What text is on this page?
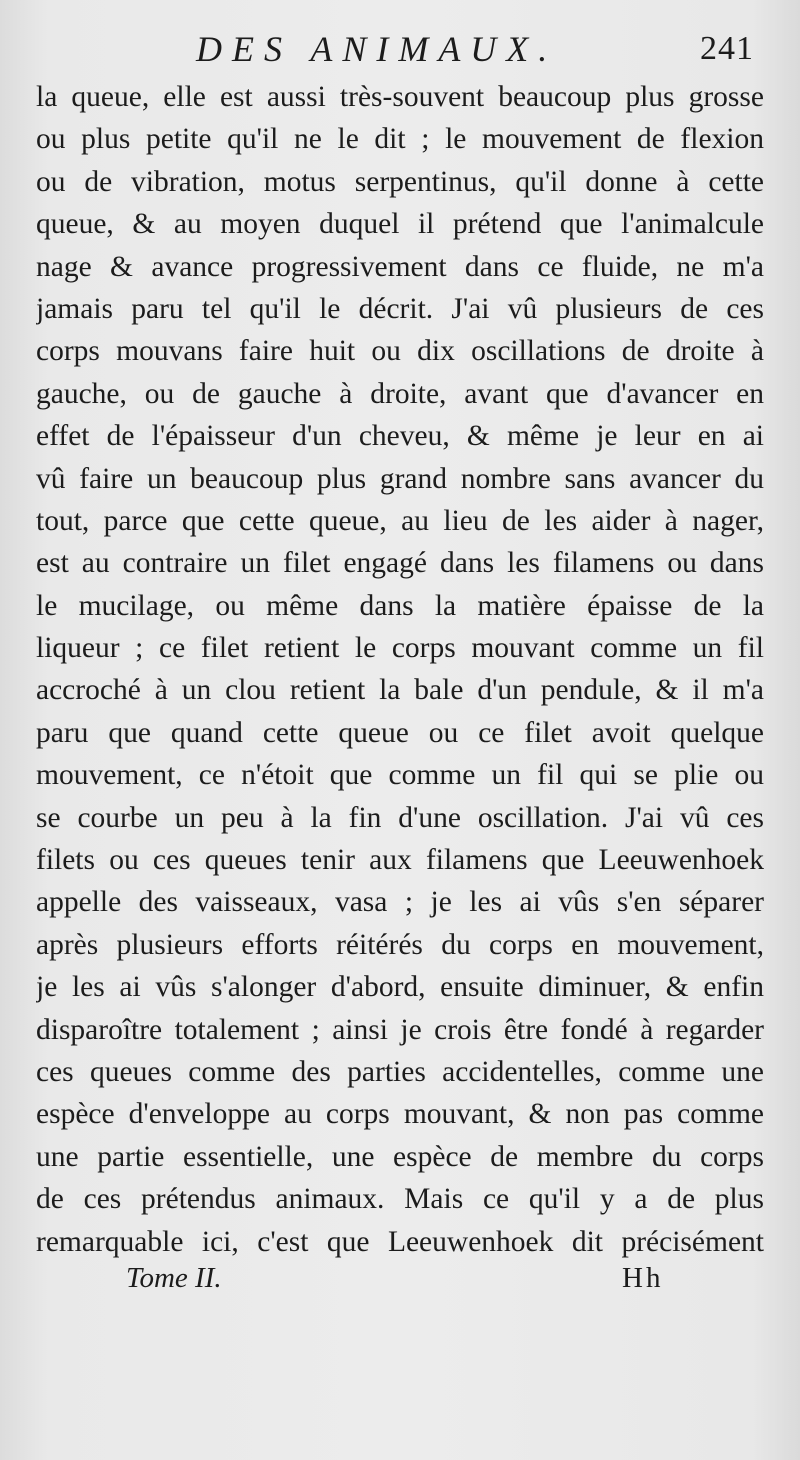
DES ANIMAUX.	241
la queue, elle est aussi très-souvent beaucoup plus grosse
ou plus petite qu'il ne le dit ; le mouvement de flexion
ou de vibration, motus serpentinus, qu'il donne à cette
queue, & au moyen duquel il prétend que l'animalcule
nage & avance progressivement dans ce fluide, ne m'a
jamais paru tel qu'il le décrit. J'ai vû plusieurs de ces
corps mouvans faire huit ou dix oscillations de droite à
gauche, ou de gauche à droite, avant que d'avancer en
effet de l'épaisseur d'un cheveu, & même je leur en ai
vû faire un beaucoup plus grand nombre sans avancer du
tout, parce que cette queue, au lieu de les aider à nager,
est au contraire un filet engagé dans les filamens ou dans
le mucilage, ou même dans la matière épaisse de la
liqueur ; ce filet retient le corps mouvant comme un fil
accroché à un clou retient la bale d'un pendule, & il m'a
paru que quand cette queue ou ce filet avoit quelque
mouvement, ce n'étoit que comme un fil qui se plie ou
se courbe un peu à la fin d'une oscillation. J'ai vû ces
filets ou ces queues tenir aux filamens que Leeuwenhoek
appelle des vaisseaux, vasa ; je les ai vûs s'en séparer
après plusieurs efforts réitérés du corps en mouvement,
je les ai vûs s'alonger d'abord, ensuite diminuer, & enfin
disparoître totalement ; ainsi je crois être fondé à regarder
ces queues comme des parties accidentelles, comme une
espèce d'enveloppe au corps mouvant, & non pas comme
une partie essentielle, une espèce de membre du corps
de ces prétendus animaux. Mais ce qu'il y a de plus
remarquable ici, c'est que Leeuwenhoek dit précisément
Tome II.	Hh
